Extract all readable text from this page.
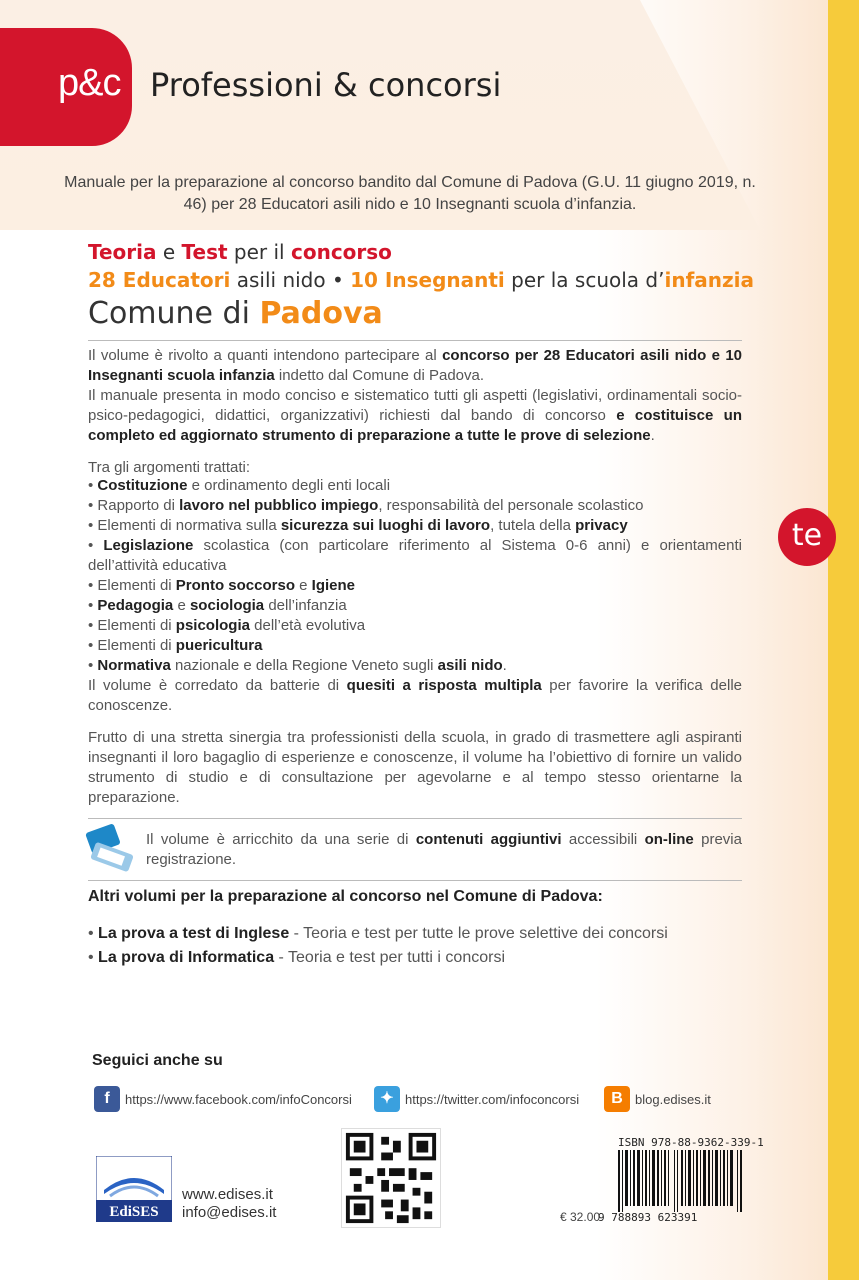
p&c Professioni & concorsi
Manuale per la preparazione al concorso bandito dal Comune di Padova (G.U. 11 giugno 2019, n. 46) per 28 Educatori asili nido e 10 Insegnanti scuola d’infanzia.
Teoria e Test per il concorso
28 Educatori asili nido • 10 Insegnanti per la scuola d’infanzia
Comune di Padova
Il volume è rivolto a quanti intendono partecipare al concorso per 28 Educatori asili nido e 10 Insegnanti scuola infanzia indetto dal Comune di Padova.
Il manuale presenta in modo conciso e sistematico tutti gli aspetti (legislativi, ordinamentali socio-psico-pedagogici, didattici, organizzativi) richiesti dal bando di concorso e costituisce un completo ed aggiornato strumento di preparazione a tutte le prove di selezione.
Tra gli argomenti trattati:
• Costituzione e ordinamento degli enti locali
• Rapporto di lavoro nel pubblico impiego, responsabilità del personale scolastico
• Elementi di normativa sulla sicurezza sui luoghi di lavoro, tutela della privacy
• Legislazione scolastica (con particolare riferimento al Sistema 0-6 anni) e orientamenti dell’attività educativa
• Elementi di Pronto soccorso e Igiene
• Pedagogia e sociologia dell’infanzia
• Elementi di psicologia dell’età evolutiva
• Elementi di puericultura
• Normativa nazionale e della Regione Veneto sugli asili nido.
Il volume è corredato da batterie di quesiti a risposta multipla per favorire la verifica delle conoscenze.
te
Frutto di una stretta sinergia tra professionisti della scuola, in grado di trasmettere agli aspiranti insegnanti il loro bagaglio di esperienze e conoscenze, il volume ha l’obiettivo di fornire un valido strumento di studio e di consultazione per agevolarne e al tempo stesso orientarne la preparazione.
Il volume è arricchito da una serie di contenuti aggiuntivi accessibili on-line previa registrazione.
Altri volumi per la preparazione al concorso nel Comune di Padova:
• La prova a test di Inglese - Teoria e test per tutte le prove selettive dei concorsi
• La prova di Informatica - Teoria e test per tutti i concorsi
Seguici anche su
f	https://www.facebook.com/infoConcorsi	✦ https://twitter.com/infoconcorsi	B blog.edises.it
EdiSES
www.edises.it
info@edises.it
ISBN 978-88-9362-339-1
9 788893 623391
€ 32.00
